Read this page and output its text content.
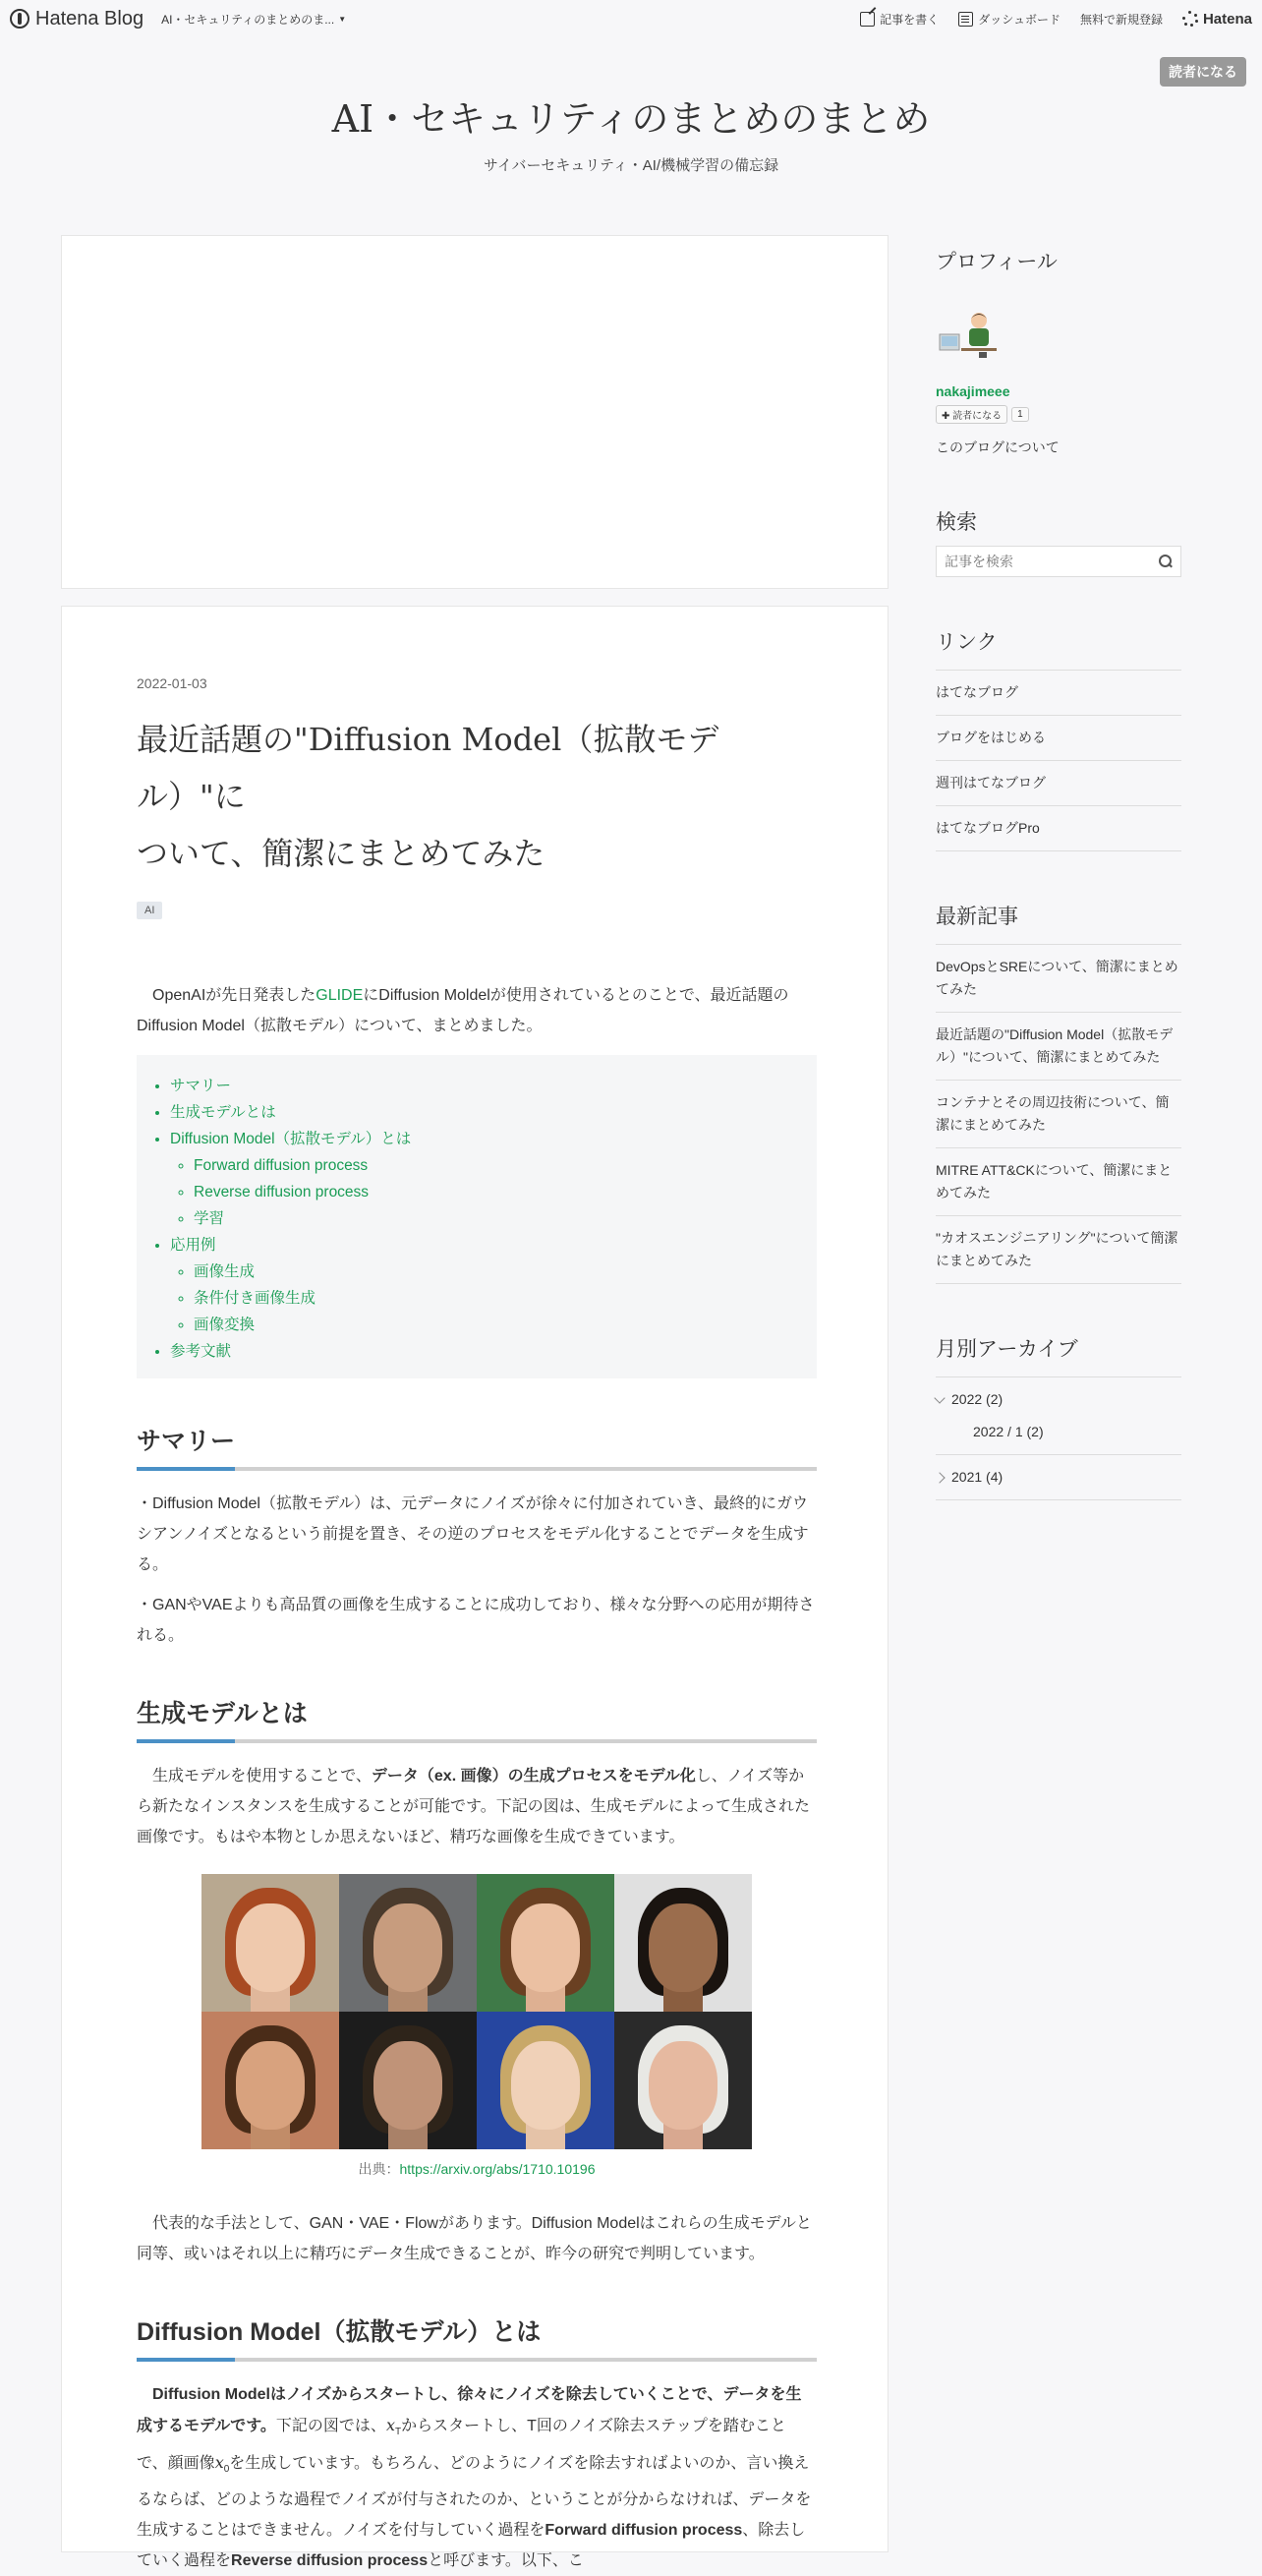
Hatena Blog AI・セキュリティのまとめのま... ▼	記事を書く	ダッシュボード 無料で新規登録	Hatena
読者になる
AI・セキュリティのまとめのまとめ
サイバーセキュリティ・AI/機械学習の備忘録
2022-01-03
最近話題の"Diffusion Model（拡散モデル）"に
ついて、簡潔にまとめてみた
AI

OpenAIが先日発表したGLIDEにDiffusion Moldelが使用されているとのことで、最近話題のDiffusion Model（拡散モデル）について、まとめました。

• サマリー
• 生成モデルとは
• Diffusion Model（拡散モデル）とは
◦ Forward diffusion process
◦ Reverse diffusion process
◦ 学習
• 応用例
◦ 画像生成
◦ 条件付き画像生成
◦ 画像変換
• 参考文献
サマリー

・Diffusion Model（拡散モデル）は、元データにノイズが徐々に付加されていき、最終的にガウシアンノイズとなるという前提を置き、その逆のプロセスをモデル化することでデータを生成する。

・GANやVAEよりも高品質の画像を生成することに成功しており、様々な分野への応用が期待される。

生成モデルとは

生成モデルを使用することで、データ（ex. 画像）の生成プロセスをモデル化し、ノイズ等から新たなインスタンスを生成することが可能です。下記の図は、生成モデルによって生成された画像です。もはや本物としか思えないほど、精巧な画像を生成できています。

出典：https://arxiv.org/abs/1710.10196

代表的な手法として、GAN・VAE・Flowがあります。Diffusion Modelはこれらの生成モデルと同等、或いはそれ以上に精巧にデータ生成できることが、昨今の研究で判明しています。

Diffusion Model（拡散モデル）とは

Diffusion Modelはノイズからスタートし、徐々にノイズを除去していくことで、データを生成するモデルです。下記の図では、$x_T$からスタートし、T回のノイズ除去ステップを踏むことで、顔画像$x_0$を生成しています。もちろん、どのようにノイズを除去すればよいのか、言い換えるならば、どのような過程でノイズが付与されたのか、ということが分からなければ、データを生成することはできません。ノイズを付与していく過程をForward diffusion process、除去していく過程をReverse diffusion processと呼びます。以下、こ

プロフィール
nakajimeee
✚ 読者になる	1
このブログについて
検索
記事を検索
リンク
はてなブログ
ブログをはじめる
週刊はてなブログ
はてなブログPro
最新記事
DevOpsとSREについて、簡潔にまとめてみた
最近話題の"Diffusion Model（拡散モデル）"について、簡潔にまとめてみた
コンテナとその周辺技術について、簡潔にまとめてみた
MITRE ATT&CKについて、簡潔にまとめてみた
"カオスエンジニアリング"について簡潔にまとめてみた
月別アーカイブ
2022 (2)
2022 / 1 (2)
2021 (4)
